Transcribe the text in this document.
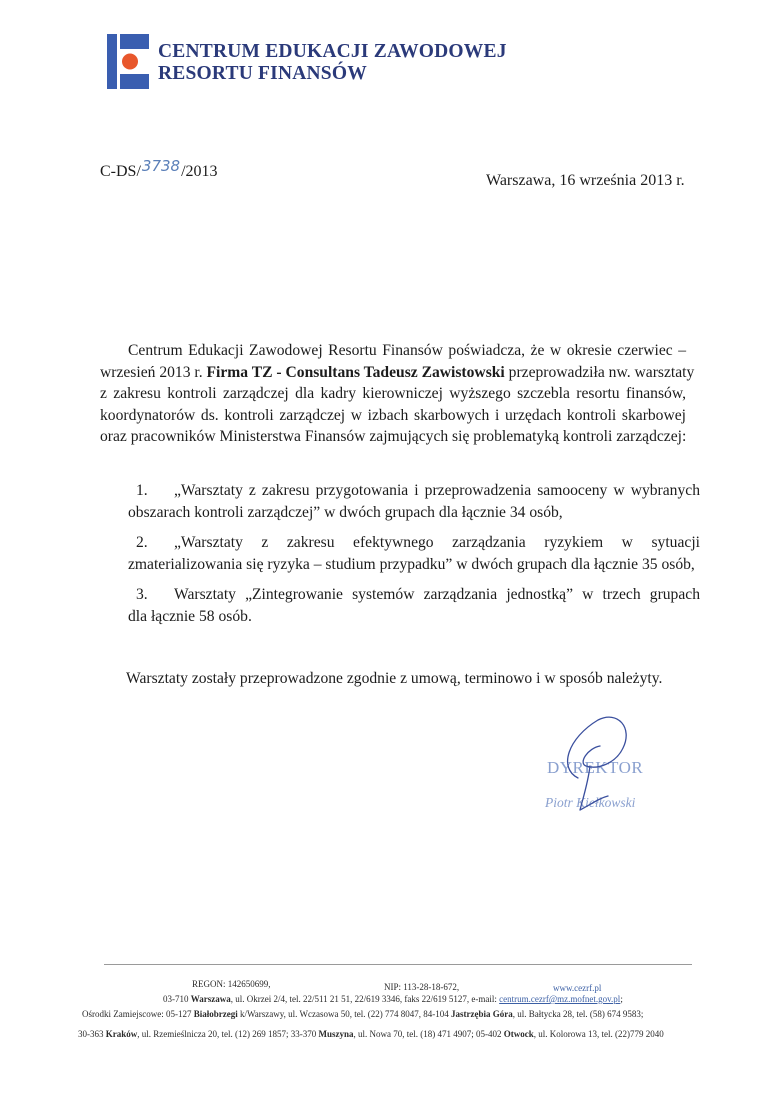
CENTRUM EDUKACJI ZAWODOWEJ
RESORTU FINANSÓW
C-DS/3738/2013
Warszawa, 16 września 2013 r.
Centrum Edukacji Zawodowej Resortu Finansów poświadcza, że w okresie czerwiec –
wrzesień 2013 r. Firma TZ - Consultans Tadeusz Zawistowski przeprowadziła nw. warsztaty
z zakresu kontroli zarządczej dla kadry kierowniczej wyższego szczebla resortu finansów,
koordynatorów ds. kontroli zarządczej w izbach skarbowych i urzędach kontroli skarbowej
oraz pracowników Ministerstwa Finansów zajmujących się problematyką kontroli zarządczej:
1.	„Warsztaty z zakresu przygotowania i przeprowadzenia samooceny w wybranych
obszarach kontroli zarządczej” w dwóch grupach dla łącznie 34 osób,
2.	„Warsztaty z zakresu efektywnego zarządzania ryzykiem w sytuacji
zmaterializowania się ryzyka – studium przypadku” w dwóch grupach dla łącznie 35 osób,
3.	Warsztaty „Zintegrowanie systemów zarządzania jednostką” w trzech grupach
dla łącznie 58 osób.
Warsztaty zostały przeprowadzone zgodnie z umową, terminowo i w sposób należyty.
DYREKTOR
Piotr Kiełkowski
REGON: 142650699,	NIP: 113-28-18-672,	www.cezrf.pl
03-710 Warszawa, ul. Okrzei 2/4, tel. 22/511 21 51, 22/619 3346, faks 22/619 5127, e-mail: centrum.cezrf@mz.mofnet.gov.pl;
Ośrodki Zamiejscowe: 05-127 Białobrzegi k/Warszawy, ul. Wczasowa 50, tel. (22) 774 8047, 84-104 Jastrzębia Góra, ul. Bałtycka 28, tel. (58) 674 9583;
30-363 Kraków, ul. Rzemieślnicza 20, tel. (12) 269 1857; 33-370 Muszyna, ul. Nowa 70, tel. (18) 471 4907; 05-402 Otwock, ul. Kolorowa 13, tel. (22)779 2040
